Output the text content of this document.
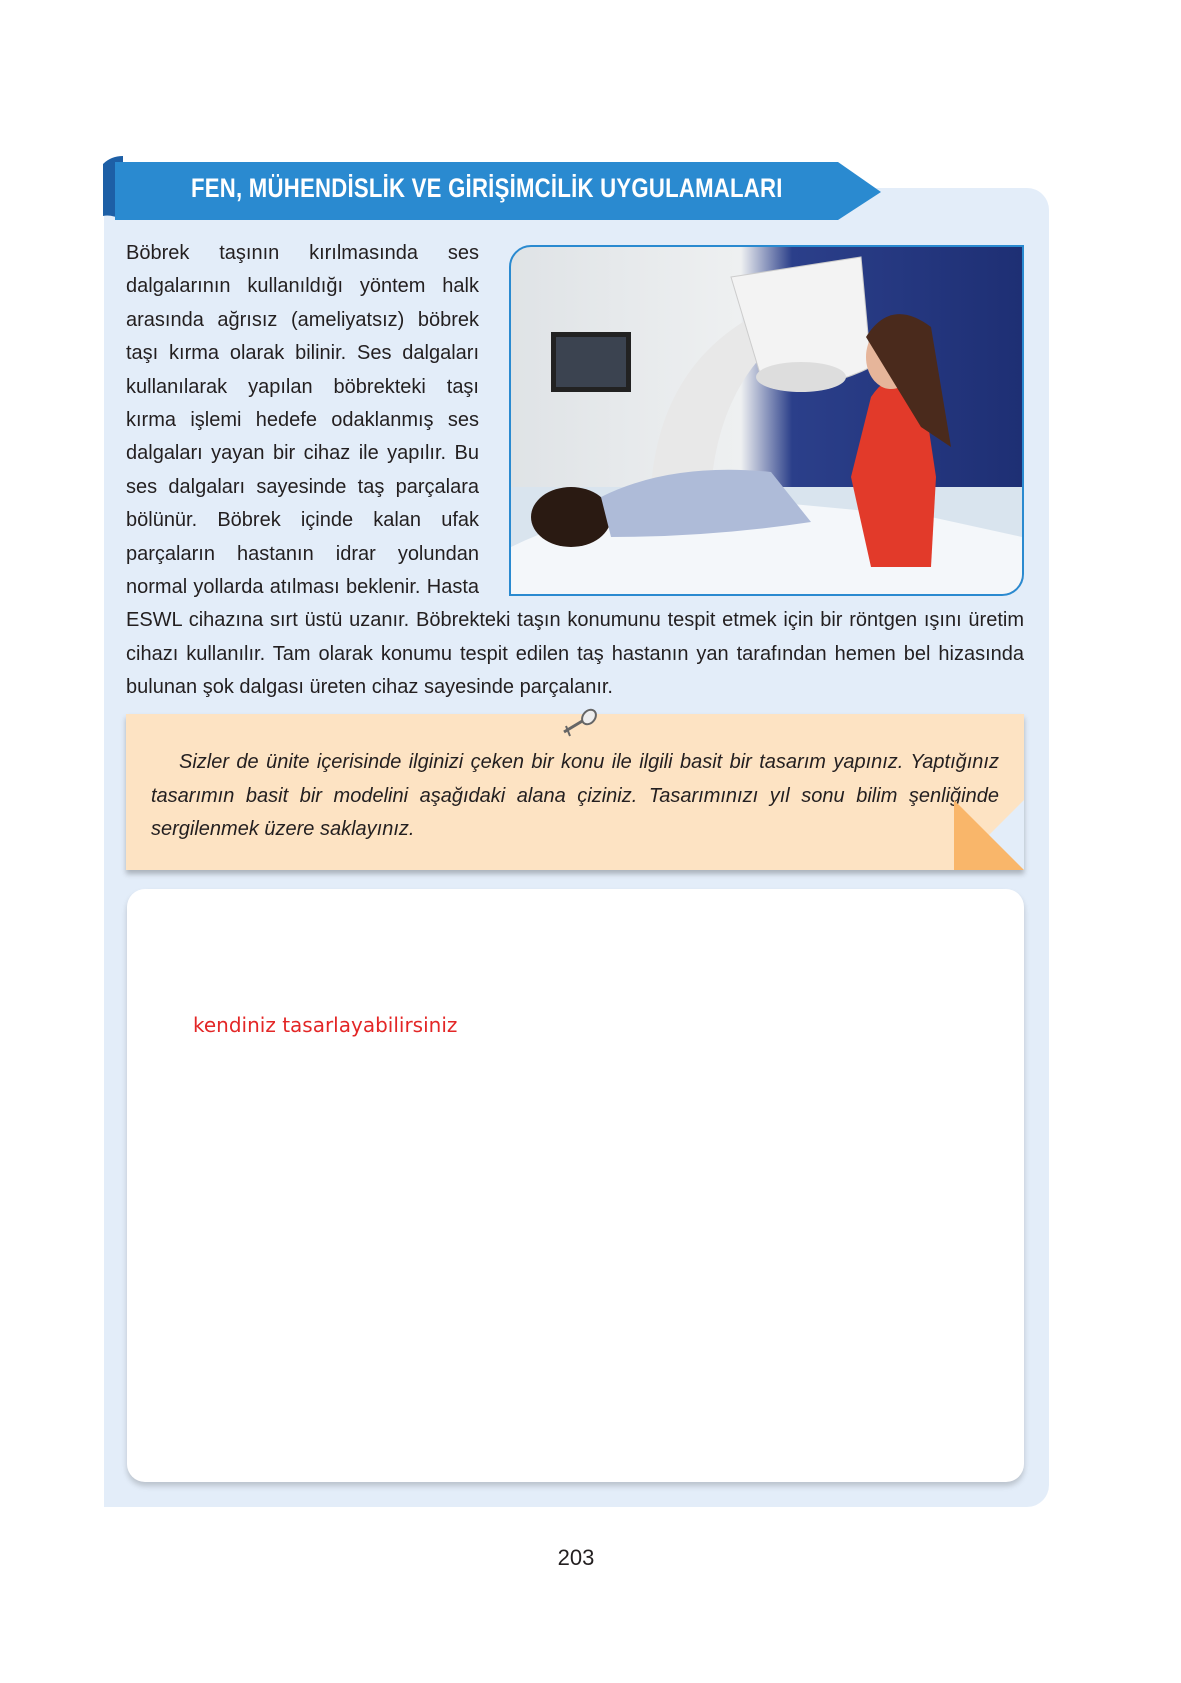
FEN, MÜHENDİSLİK VE GİRİŞİMCİLİK UYGULAMALARI
Böbrek taşının kırılmasında ses dalgalarının kullanıldığı yöntem halk arasında ağrısız (ameliyatsız) böbrek taşı kırma olarak bilinir. Ses dalgaları kullanılarak yapılan böbrekteki taşı kırma işlemi hedefe odaklanmış ses dalgaları yayan bir cihaz ile yapılır. Bu ses dalgaları sayesinde taş parçalara bölünür. Böbrek içinde kalan ufak parçaların hastanın idrar yolundan normal yollarda atılması beklenir. Hasta ESWL cihazına sırt üstü uzanır. Böbrekteki taşın konumunu tespit etmek için bir röntgen ışını üretim cihazı kullanılır. Tam olarak konumu tespit edilen taş hastanın yan tarafından hemen bel hizasında bulunan şok dalgası üreten cihaz sayesinde parçalanır.
Sizler de ünite içerisinde ilginizi çeken bir konu ile ilgili basit bir tasarım yapınız. Yaptığınız tasarımın basit bir modelini aşağıdaki alana çiziniz. Tasarımınızı yıl sonu bilim şenliğinde sergilenmek üzere saklayınız.
kendiniz tasarlayabilirsiniz
203
